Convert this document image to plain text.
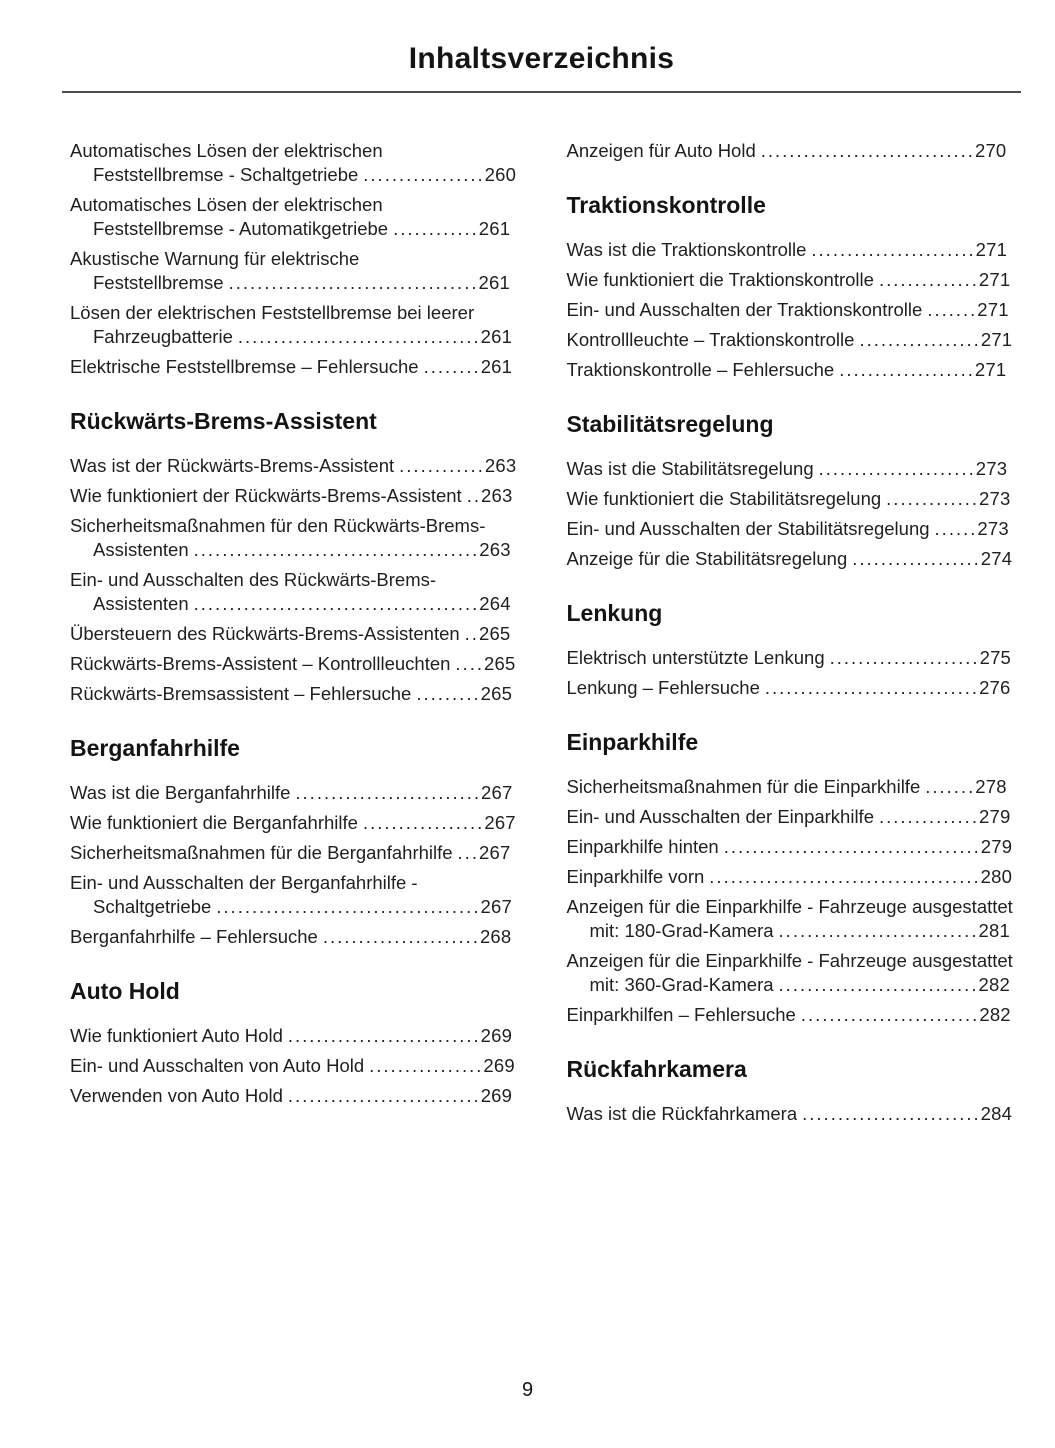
Inhaltsverzeichnis
Automatisches Lösen der elektrischen Feststellbremse - Schaltgetriebe .................260
Automatisches Lösen der elektrischen Feststellbremse - Automatikgetriebe ............261
Akustische Warnung für elektrische Feststellbremse ...................................261
Lösen der elektrischen Feststellbremse bei leerer Fahrzeugbatterie ..................................261
Elektrische Feststellbremse – Fehlersuche ........261
Rückwärts-Brems-Assistent
Was ist der Rückwärts-Brems-Assistent ............263
Wie funktioniert der Rückwärts-Brems-Assistent ..263
Sicherheitsmaßnahmen für den Rückwärts-Brems-Assistenten ........................................263
Ein- und Ausschalten des Rückwärts-Brems-Assistenten ........................................264
Übersteuern des Rückwärts-Brems-Assistenten ..265
Rückwärts-Brems-Assistent – Kontrollleuchten ....265
Rückwärts-Bremsassistent – Fehlersuche .........265
Berganfahrhilfe
Was ist die Berganfahrhilfe ..........................267
Wie funktioniert die Berganfahrhilfe .................267
Sicherheitsmaßnahmen für die Berganfahrhilfe ...267
Ein- und Ausschalten der Berganfahrhilfe - Schaltgetriebe .....................................267
Berganfahrhilfe – Fehlersuche ......................268
Auto Hold
Wie funktioniert Auto Hold ...........................269
Ein- und Ausschalten von Auto Hold ................269
Verwenden von Auto Hold ...........................269
Anzeigen für Auto Hold ..............................270
Traktionskontrolle
Was ist die Traktionskontrolle .......................271
Wie funktioniert die Traktionskontrolle ..............271
Ein- und Ausschalten der Traktionskontrolle .......271
Kontrollleuchte – Traktionskontrolle .................271
Traktionskontrolle – Fehlersuche ...................271
Stabilitätsregelung
Was ist die Stabilitätsregelung ......................273
Wie funktioniert die Stabilitätsregelung .............273
Ein- und Ausschalten der Stabilitätsregelung ......273
Anzeige für die Stabilitätsregelung ..................274
Lenkung
Elektrisch unterstützte Lenkung .....................275
Lenkung – Fehlersuche ..............................276
Einparkhilfe
Sicherheitsmaßnahmen für die Einparkhilfe .......278
Ein- und Ausschalten der Einparkhilfe ..............279
Einparkhilfe hinten ....................................279
Einparkhilfe vorn ......................................280
Anzeigen für die Einparkhilfe - Fahrzeuge ausgestattet mit: 180-Grad-Kamera ............................281
Anzeigen für die Einparkhilfe - Fahrzeuge ausgestattet mit: 360-Grad-Kamera ............................282
Einparkhilfen – Fehlersuche .........................282
Rückfahrkamera
Was ist die Rückfahrkamera .........................284
9
